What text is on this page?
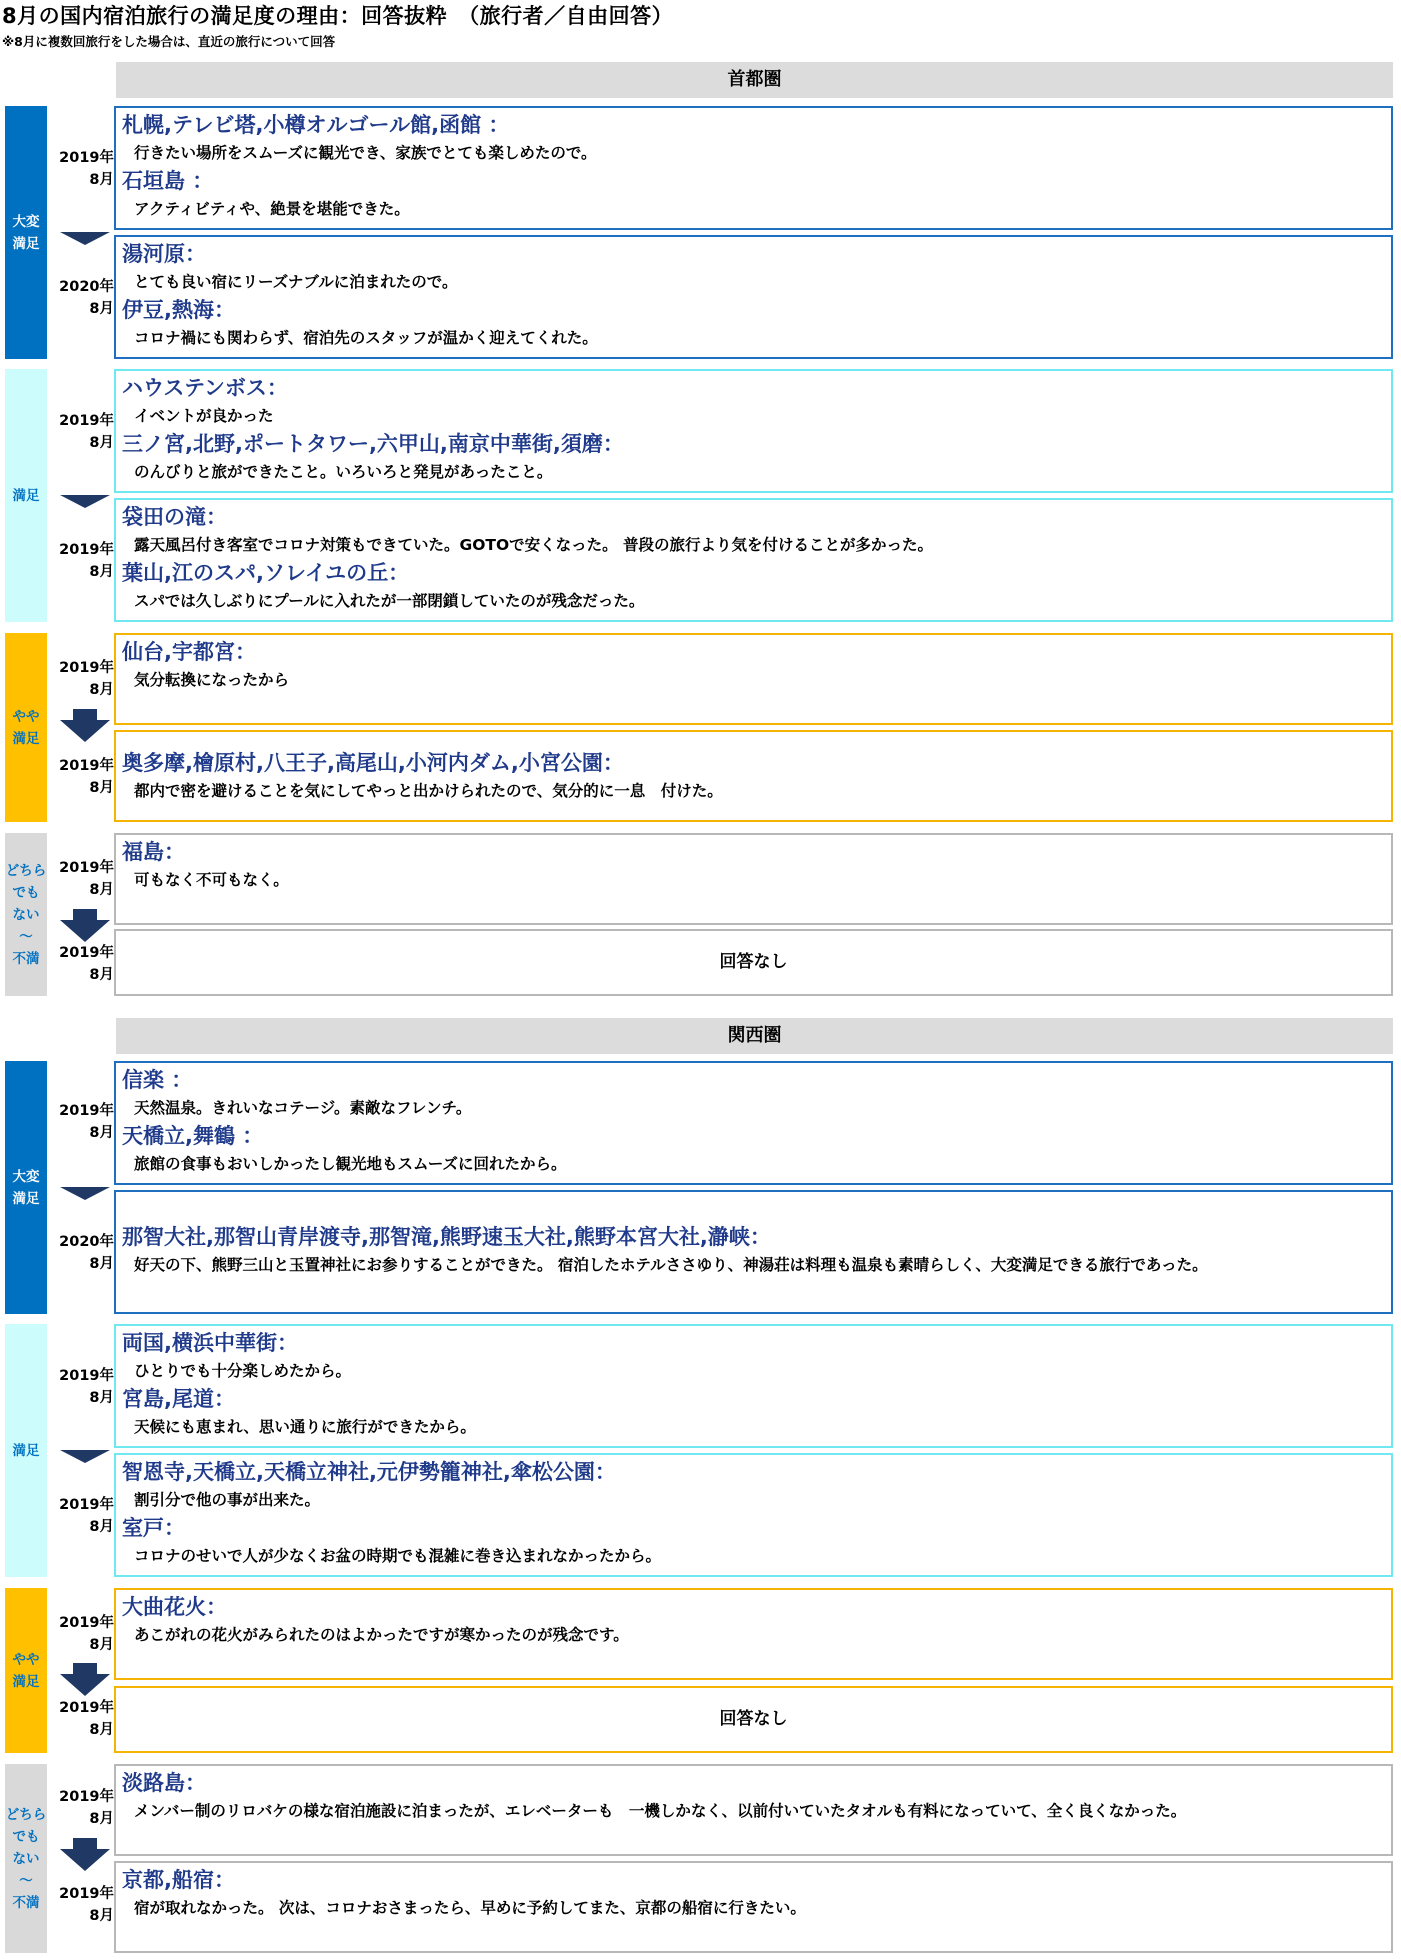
8月の国内宿泊旅行の満足度の理由：回答抜粋　（旅行者／自由回答）
※8月に複数回旅行をした場合は、直近の旅行について回答
首都圏
大変
満足
2019年
8月
2020年
8月
札幌,テレビ塔,小樽オルゴール館,函館 ：
行きたい場所をスムーズに観光でき、家族でとても楽しめたので。
石垣島 ：
アクティビティや、絶景を堪能できた。
湯河原：
とても良い宿にリーズナブルに泊まれたので。
伊豆,熱海：
コロナ禍にも関わらず、宿泊先のスタッフが温かく迎えてくれた。
満足
2019年
8月
2019年
8月
ハウステンボス：
イベントが良かった
三ノ宮,北野,ポートタワー,六甲山,南京中華街,須磨：
のんびりと旅ができたこと。いろいろと発見があったこと。
袋田の滝：
露天風呂付き客室でコロナ対策もできていた。GOTOで安くなった。 普段の旅行より気を付けることが多かった。
葉山,江のスパ,ソレイユの丘：
スパでは久しぶりにプールに入れたが一部閉鎖していたのが残念だった。
やや
満足
2019年
8月
2019年
8月
仙台,宇都宮：
気分転換になったから
奥多摩,檜原村,八王子,高尾山,小河内ダム,小宮公園：
都内で密を避けることを気にしてやっと出かけられたので、気分的に一息　付けた。
どちら
でも
ない
～
不満
2019年
8月
2019年
8月
福島：
可もなく不可もなく。
回答なし
関西圏
大変
満足
2019年
8月
2020年
8月
信楽 ：
天然温泉。きれいなコテージ。素敵なフレンチ。
天橋立,舞鶴 ：
旅館の食事もおいしかったし観光地もスムーズに回れたから。
那智大社,那智山青岸渡寺,那智滝,熊野速玉大社,熊野本宮大社,瀞峡：
好天の下、熊野三山と玉置神社にお参りすることができた。 宿泊したホテルささゆり、神湯荘は料理も温泉も素晴らしく、大変満足できる旅行であった。
満足
2019年
8月
2019年
8月
両国,横浜中華街：
ひとりでも十分楽しめたから。
宮島,尾道：
天候にも恵まれ、思い通りに旅行ができたから。
智恩寺,天橋立,天橋立神社,元伊勢籠神社,傘松公園：
割引分で他の事が出来た。
室戸：
コロナのせいで人が少なくお盆の時期でも混雑に巻き込まれなかったから。
やや
満足
2019年
8月
2019年
8月
大曲花火：
あこがれの花火がみられたのはよかったですが寒かったのが残念です。
回答なし
どちら
でも
ない
～
不満
2019年
8月
2019年
8月
淡路島：
メンバー制のリロバケの様な宿泊施設に泊まったが、エレベーターも　一機しかなく、以前付いていたタオルも有料になっていて、全く良くなかった。
京都,船宿：
宿が取れなかった。 次は、コロナおさまったら、早めに予約してまた、京都の船宿に行きたい。
